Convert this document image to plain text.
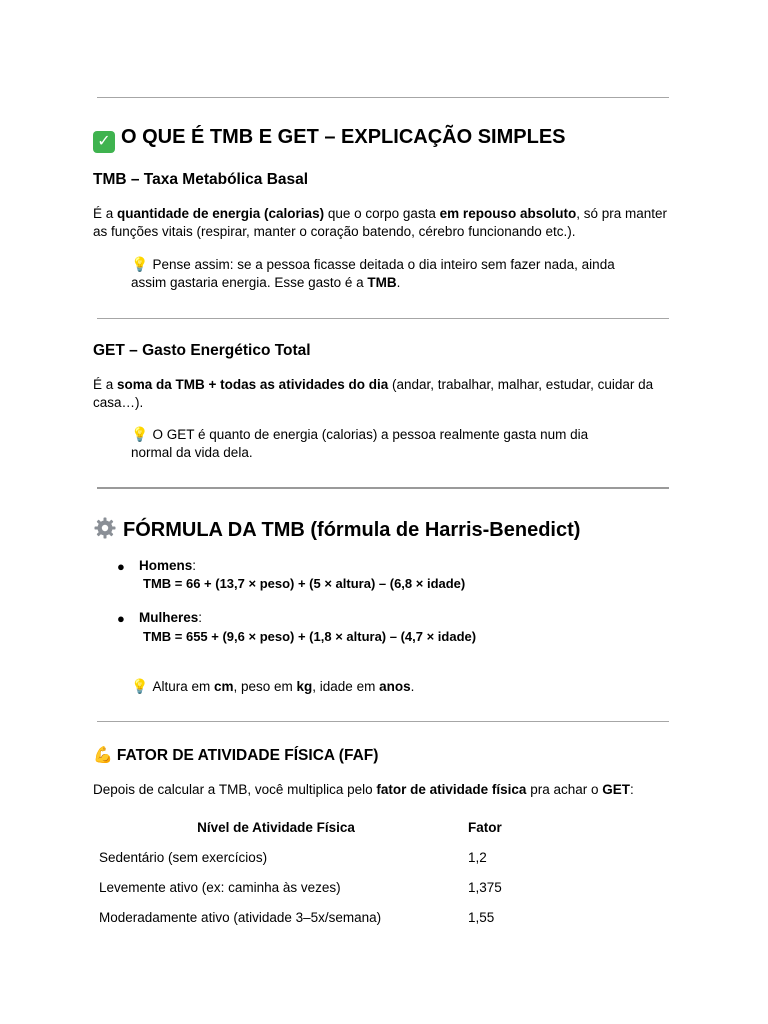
✓ O QUE É TMB E GET – EXPLICAÇÃO SIMPLES
TMB – Taxa Metabólica Basal
É a quantidade de energia (calorias) que o corpo gasta em repouso absoluto, só pra manter as funções vitais (respirar, manter o coração batendo, cérebro funcionando etc.).
💡 Pense assim: se a pessoa ficasse deitada o dia inteiro sem fazer nada, ainda assim gastaria energia. Esse gasto é a TMB.
GET – Gasto Energético Total
É a soma da TMB + todas as atividades do dia (andar, trabalhar, malhar, estudar, cuidar da casa…).
💡 O GET é quanto de energia (calorias) a pessoa realmente gasta num dia normal da vida dela.
FÓRMULA DA TMB (fórmula de Harris-Benedict)
● Homens:
TMB = 66 + (13,7 × peso) + (5 × altura) – (6,8 × idade)
● Mulheres:
TMB = 655 + (9,6 × peso) + (1,8 × altura) – (4,7 × idade)
💡 Altura em cm, peso em kg, idade em anos.
💪 FATOR DE ATIVIDADE FÍSICA (FAF)
Depois de calcular a TMB, você multiplica pelo fator de atividade física pra achar o GET:
Nível de Atividade Física	Fator
Sedentário (sem exercícios)	1,2
Levemente ativo (ex: caminha às vezes)	1,375
Moderadamente ativo (atividade 3–5x/semana)	1,55
